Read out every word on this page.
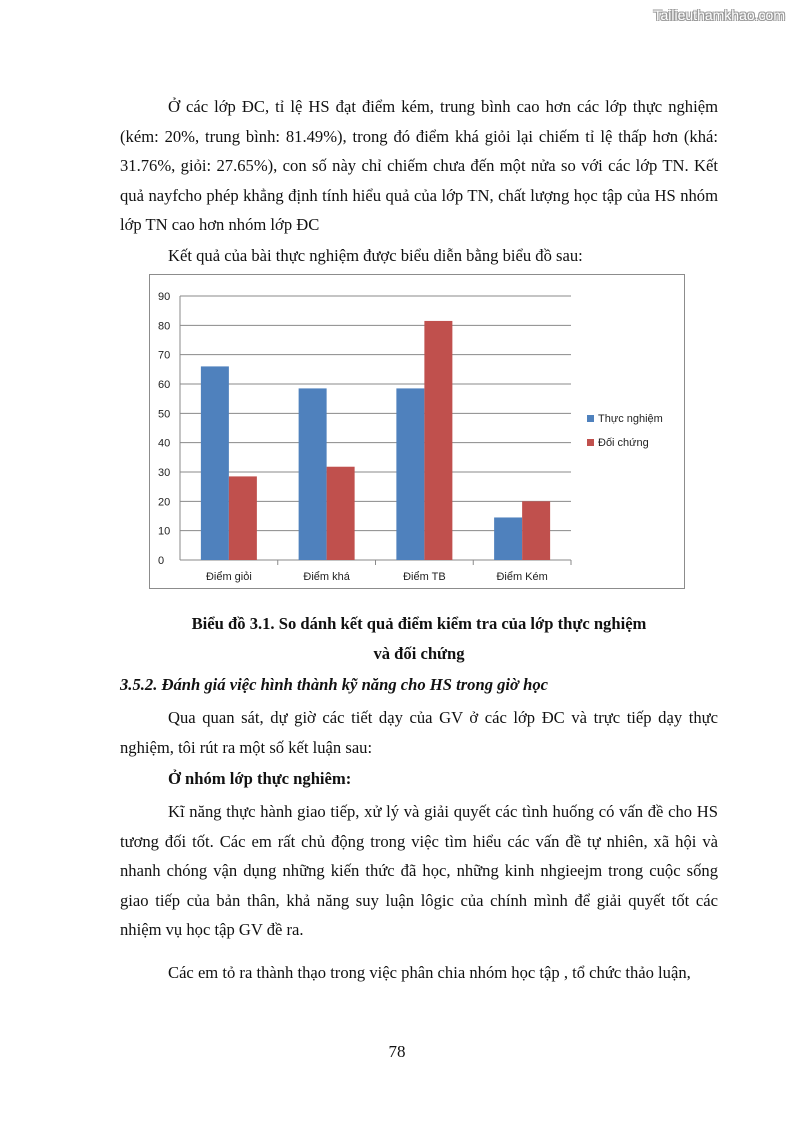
Tailieuthamkhao.com

Ở các lớp ĐC, tỉ lệ HS đạt điểm kém, trung bình cao hơn các lớp thực nghiệm (kém: 20%, trung bình: 81.49%), trong đó điểm khá giỏi lại chiếm tỉ lệ thấp hơn (khá: 31.76%, giỏi: 27.65%), con số này chỉ chiếm chưa đến một nửa so với các lớp TN. Kết quả nayfcho phép khẳng định tính hiểu quả của lớp TN, chất lượng học tập của HS nhóm lớp TN cao hơn nhóm lớp ĐC

Kết quả của bài thực nghiệm được biểu diễn bằng biểu đồ sau:

0
10
20
30
40
50
60
70
80
90
Điểm giỏi	Điểm khá	Điểm TB	Điểm Kém
Thực nghiệm
Đối chứng

Biểu đồ 3.1. So dánh kết quả điểm kiểm tra của lớp thực nghiệm

và đối chứng

3.5.2. Đánh giá việc hình thành kỹ năng cho HS trong giờ học

Qua quan sát, dự giờ các tiết dạy của GV ở các lớp ĐC và trực tiếp dạy thực nghiệm, tôi rút ra một số kết luận sau:

Ở nhóm lớp thực nghiêm:

Kĩ năng thực hành giao tiếp, xử lý và giải quyết các tình huống có vấn đề cho HS tương đối tốt. Các em rất chủ động trong việc tìm hiểu các vấn đề tự nhiên, xã hội và nhanh chóng vận dụng những kiến thức đã học, những kinh nhgieejm trong cuộc sống giao tiếp của bản thân, khả năng suy luận lôgic của chính mình để giải quyết tốt các nhiệm vụ học tập GV đề ra.

Các em tỏ ra thành thạo trong việc phân chia nhóm học tập , tổ chức thảo luận,

78
